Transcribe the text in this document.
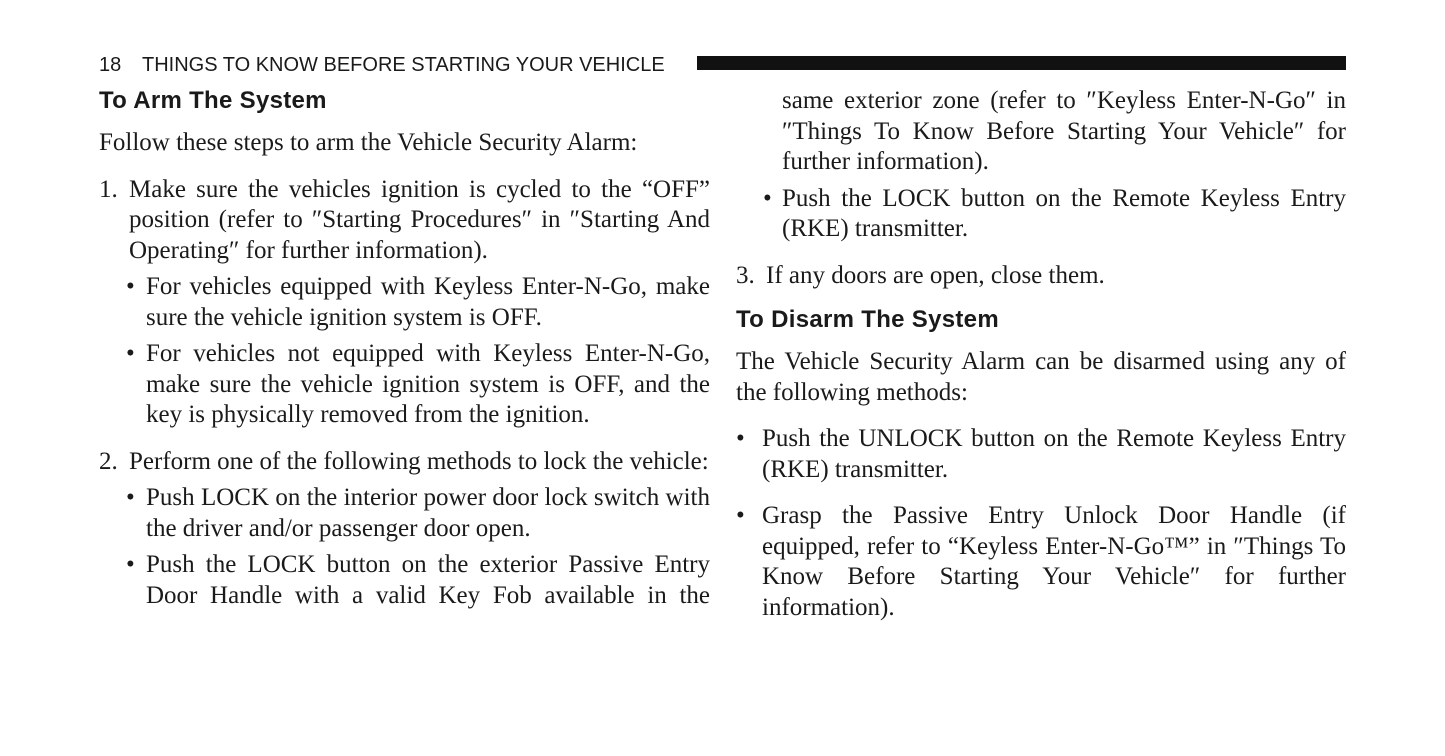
18 THINGS TO KNOW BEFORE STARTING YOUR VEHICLE
To Arm The System

Follow these steps to arm the Vehicle Security Alarm:

1. Make sure the vehicles ignition is cycled to the “OFF” position (refer to ″Starting Procedures″ in ″Starting And Operating″ for further information).
• For vehicles equipped with Keyless Enter-N-Go, make sure the vehicle ignition system is OFF.
• For vehicles not equipped with Keyless Enter-N-Go, make sure the vehicle ignition system is OFF, and the key is physically removed from the ignition.
2. Perform one of the following methods to lock the vehicle:
• Push LOCK on the interior power door lock switch with the driver and/or passenger door open.
• Push the LOCK button on the exterior Passive Entry Door Handle with a valid Key Fob available in the

same exterior zone (refer to ″Keyless Enter-N-Go″ in ″Things To Know Before Starting Your Vehicle″ for further information).

• Push the LOCK button on the Remote Keyless Entry (RKE) transmitter.
3. If any doors are open, close them.
To Disarm The System

The Vehicle Security Alarm can be disarmed using any of the following methods:

• Push the UNLOCK button on the Remote Keyless Entry (RKE) transmitter.
• Grasp the Passive Entry Unlock Door Handle (if equipped, refer to “Keyless Enter-N-Go™” in ″Things To Know Before Starting Your Vehicle″ for further information).
